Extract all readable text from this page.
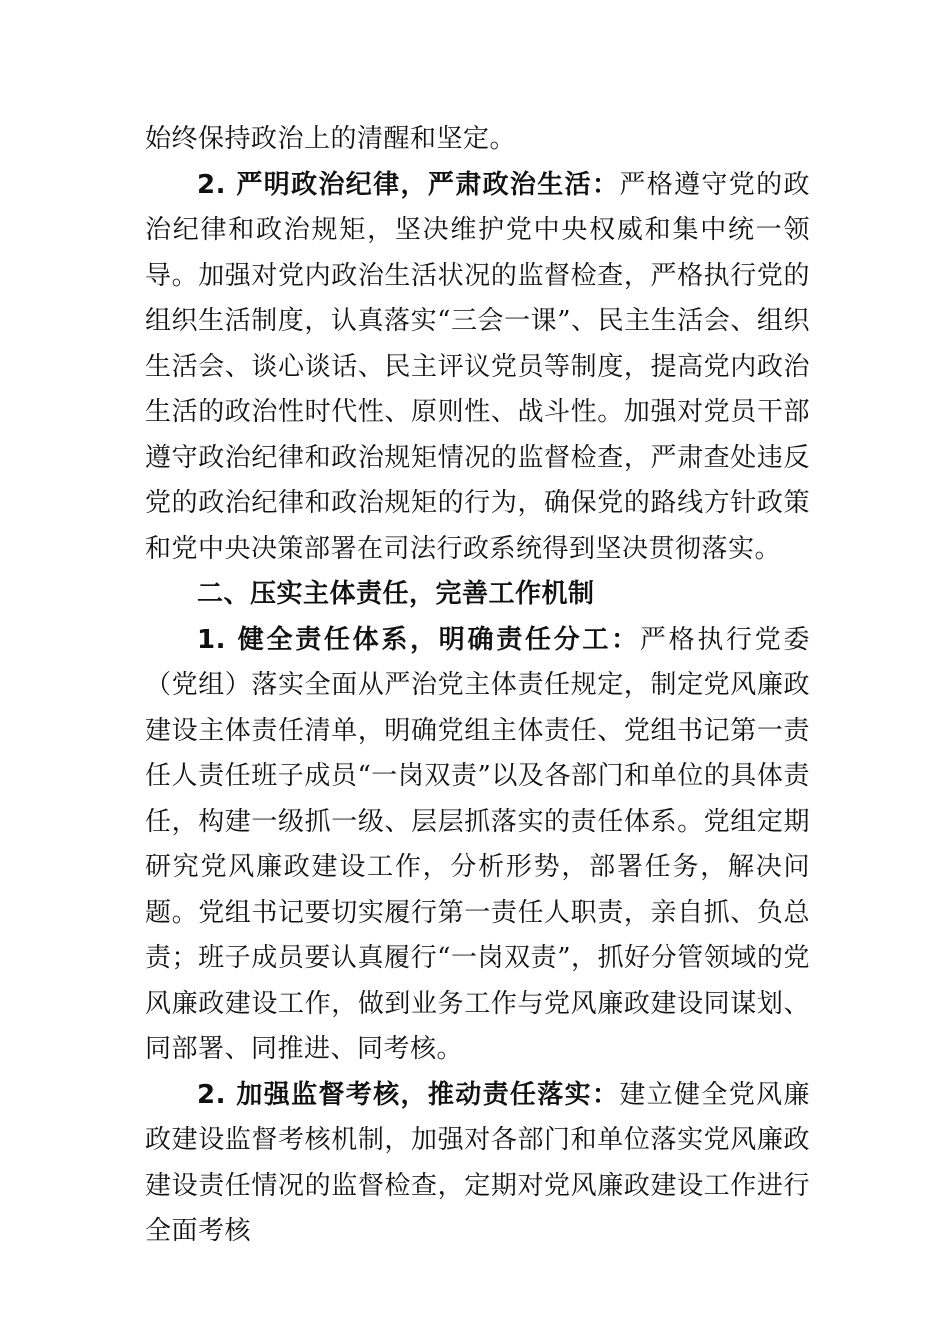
始终保持政治上的清醒和坚定。

2. 严明政治纪律，严肃政治生活：严格遵守党的政治纪律和政治规矩，坚决维护党中央权威和集中统一领导。加强对党内政治生活状况的监督检查，严格执行党的组织生活制度，认真落实“三会一课”、民主生活会、组织生活会、谈心谈话、民主评议党员等制度，提高党内政治生活的政治性时代性、原则性、战斗性。加强对党员干部遵守政治纪律和政治规矩情况的监督检查，严肃查处违反党的政治纪律和政治规矩的行为，确保党的路线方针政策和党中央决策部署在司法行政系统得到坚决贯彻落实。

二、压实主体责任，完善工作机制

1. 健全责任体系，明确责任分工：严格执行党委（党组）落实全面从严治党主体责任规定，制定党风廉政建设主体责任清单，明确党组主体责任、党组书记第一责任人责任班子成员“一岗双责”以及各部门和单位的具体责任，构建一级抓一级、层层抓落实的责任体系。党组定期研究党风廉政建设工作，分析形势，部署任务，解决问题。党组书记要切实履行第一责任人职责，亲自抓、负总责；班子成员要认真履行“一岗双责”，抓好分管领域的党风廉政建设工作，做到业务工作与党风廉政建设同谋划、同部署、同推进、同考核。

2. 加强监督考核，推动责任落实：建立健全党风廉政建设监督考核机制，加强对各部门和单位落实党风廉政建设责任情况的监督检查，定期对党风廉政建设工作进行全面考核
